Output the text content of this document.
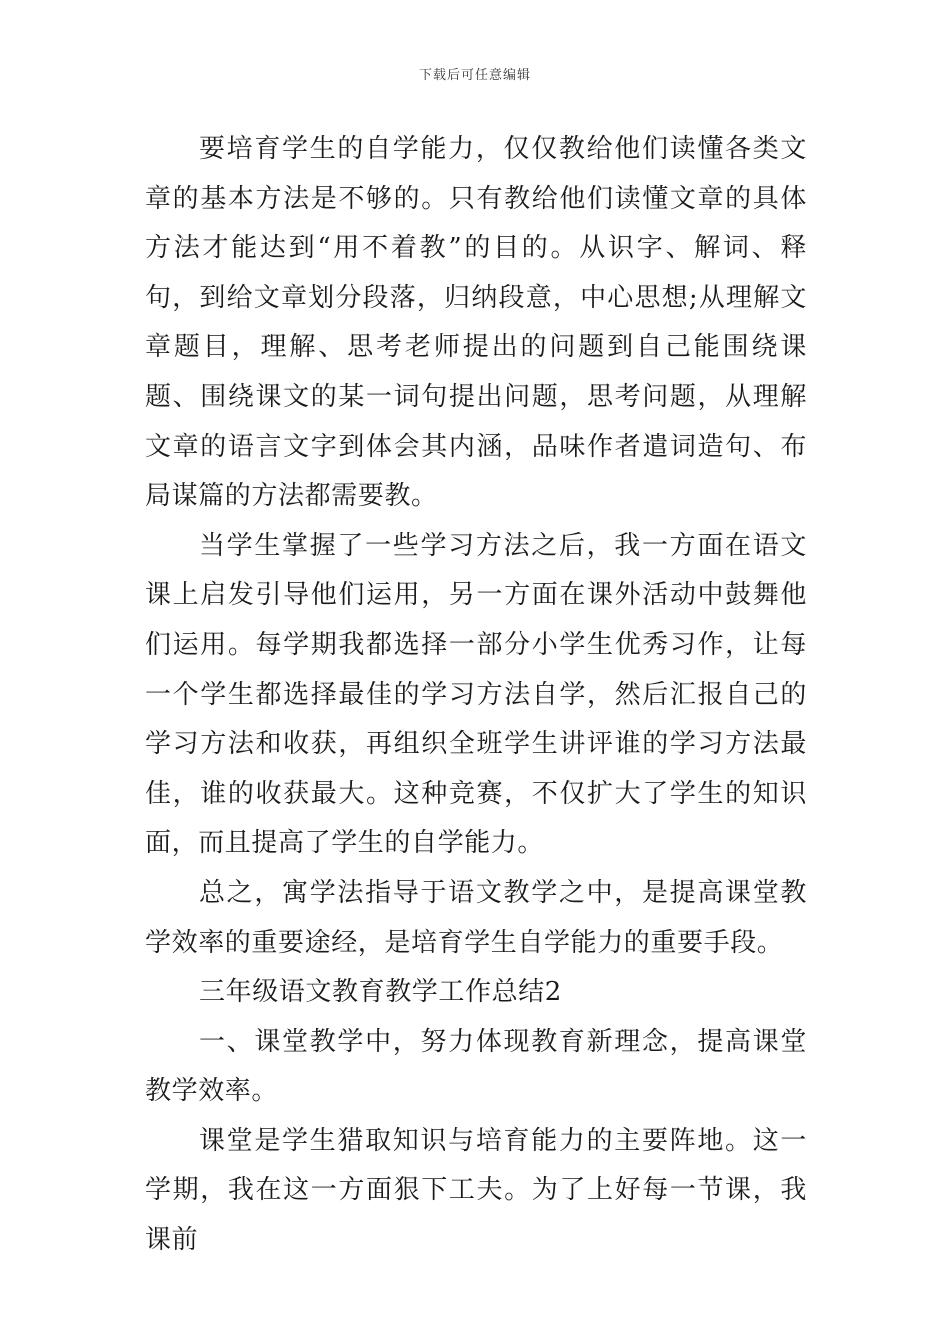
下载后可任意编辑

要培育学生的自学能力，仅仅教给他们读懂各类文章的基本方法是不够的。只有教给他们读懂文章的具体方法才能达到“用不着教”的目的。从识字、解词、释句，到给文章划分段落，归纳段意，中心思想;从理解文章题目，理解、思考老师提出的问题到自己能围绕课题、围绕课文的某一词句提出问题，思考问题，从理解文章的语言文字到体会其内涵，品味作者遣词造句、布局谋篇的方法都需要教。

当学生掌握了一些学习方法之后，我一方面在语文课上启发引导他们运用，另一方面在课外活动中鼓舞他们运用。每学期我都选择一部分小学生优秀习作，让每一个学生都选择最佳的学习方法自学，然后汇报自己的学习方法和收获，再组织全班学生讲评谁的学习方法最佳，谁的收获最大。这种竞赛，不仅扩大了学生的知识面，而且提高了学生的自学能力。

总之，寓学法指导于语文教学之中，是提高课堂教学效率的重要途经，是培育学生自学能力的重要手段。

三年级语文教育教学工作总结2

一、课堂教学中，努力体现教育新理念，提高课堂教学效率。

课堂是学生猎取知识与培育能力的主要阵地。这一学期，我在这一方面狠下工夫。为了上好每一节课，我课前
